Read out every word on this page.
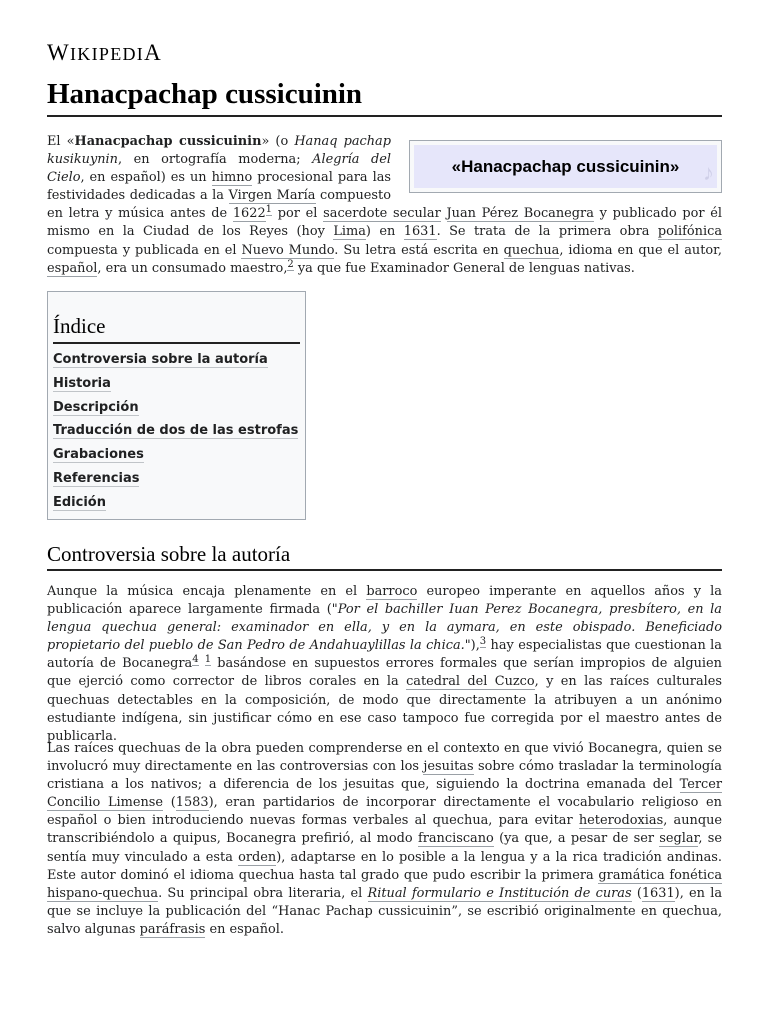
WIKIPEDIA
Hanacpachap cussicuinin
«Hanacpachap cussicuinin» ♪

El «Hanacpachap cussicuinin» (o Hanaq pachap kusikuynin, en ortografía moderna; Alegría del Cielo, en español) es un himno procesional para las festividades dedicadas a la Virgen María compuesto en letra y música antes de 1622$^1$ por el sacerdote secular Juan Pérez Bocanegra y publicado por él mismo en la Ciudad de los Reyes (hoy Lima) en 1631. Se trata de la primera obra polifónica compuesta y publicada en el Nuevo Mundo. Su letra está escrita en quechua, idioma en que el autor, español, era un consumado maestro,$^2$ ya que fue Examinador General de lenguas nativas.

Índice
Controversia sobre la autoría
Historia
Descripción
Traducción de dos de las estrofas
Grabaciones
Referencias
Edición
Controversia sobre la autoría

Aunque la música encaja plenamente en el barroco europeo imperante en aquellos años y la publicación aparece largamente firmada ("Por el bachiller Iuan Perez Bocanegra, presbítero, en la lengua quechua general: examinador en ella, y en la aymara, en este obispado. Beneficiado propietario del pueblo de San Pedro de Andahuaylillas la chica."),$^3$ hay especialistas que cuestionan la autoría de Bocanegra$^4$ $^1$ basándose en supuestos errores formales que serían impropios de alguien que ejerció como corrector de libros corales en la catedral del Cuzco, y en las raíces culturales quechuas detectables en la composición, de modo que directamente la atribuyen a un anónimo estudiante indígena, sin justificar cómo en ese caso tampoco fue corregida por el maestro antes de publicarla.

Las raíces quechuas de la obra pueden comprenderse en el contexto en que vivió Bocanegra, quien se involucró muy directamente en las controversias con los jesuitas sobre cómo trasladar la terminología cristiana a los nativos; a diferencia de los jesuitas que, siguiendo la doctrina emanada del Tercer Concilio Limense (1583), eran partidarios de incorporar directamente el vocabulario religioso en español o bien introduciendo nuevas formas verbales al quechua, para evitar heterodoxias, aunque transcribiéndolo a quipus, Bocanegra prefirió, al modo franciscano (ya que, a pesar de ser seglar, se sentía muy vinculado a esta orden), adaptarse en lo posible a la lengua y a la rica tradición andinas. Este autor dominó el idioma quechua hasta tal grado que pudo escribir la primera gramática fonética hispano-quechua. Su principal obra literaria, el Ritual formulario e Institución de curas (1631), en la que se incluye la publicación del “Hanac Pachap cussicuinin”, se escribió originalmente en quechua, salvo algunas paráfrasis en español.
